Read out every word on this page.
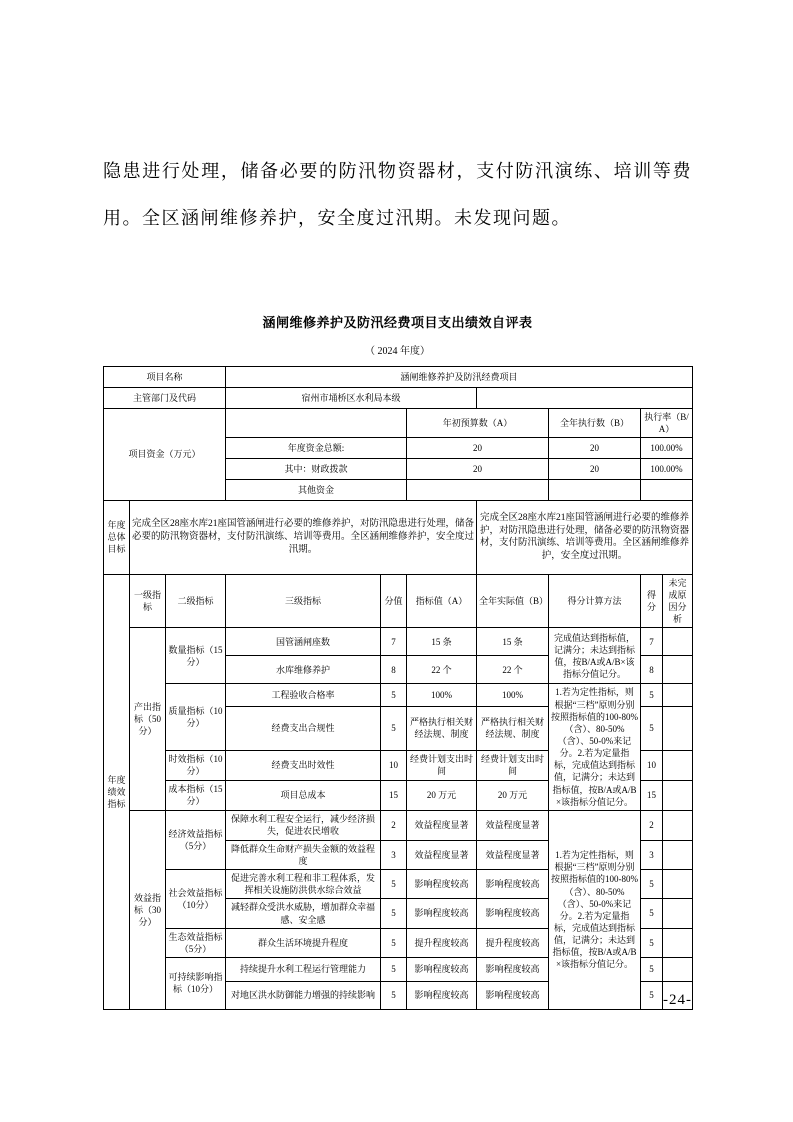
隐患进行处理，储备必要的防汛物资器材，支付防汛演练、培训等费用。全区涵闸维修养护，安全度过汛期。未发现问题。

涵闸维修养护及防汛经费项目支出绩效自评表
（ 2024 年度）
项目名称			涵闸维修养护及防汛经费项目						
主管部门及代码			宿州市埇桥区水利局本级						
项目资金（万元）					年初预算数（A）		全年执行数（B）	执行率（B/A）	
			年度资金总额:		20		20	100.00%	
			其中：财政拨款		20		20	100.00%	
			其他资金						
年度总体目标	完成全区28座水库21座国管涵闸进行必要的维修养护，对防汛隐患进行处理，储备必要的防汛物资器材，支付防汛演练、培训等费用。全区涵闸维修养护，安全度过汛期。					完成全区28座水库21座国管涵闸进行必要的维修养护，对防汛隐患进行处理，储备必要的防汛物资器材，支付防汛演练、培训等费用。全区涵闸维修养护，安全度过汛期。			
年度绩效指标	一级指标	二级指标	三级指标	分值	指标值（A）	全年实际值（B）	得分计算方法	得分	未完成原因分析
	产出指标（50分）	数量指标（15分）	国管涵闸座数	7	15 条	15 条	完成值达到指标值，记满分；未达到指标值，按B/A或A/B×该指标分值记分。	7	
			水库维修养护	8	22 个	22 个		8	
		质量指标（10分）	工程验收合格率	5	100%	100%	1.若为定性指标，则根据“三档”原则分别按照指标值的100-80%（含）、80-50%（含）、50-0%来记分。2.若为定量指标，完成值达到指标值，记满分；未达到指标值，按B/A或A/B×该指标分值记分。	5	
			经费支出合规性	5	严格执行相关财经法规、制度	严格执行相关财经法规、制度		5	
		时效指标（10分）	经费支出时效性	10	经费计划支出时间	经费计划支出时间		10	
		成本指标（15分）	项目总成本	15	20 万元	20 万元		15	
	效益指标（30分）	经济效益指标（5分）	保障水利工程安全运行，减少经济损失，促进农民增收	2	效益程度显著	效益程度显著	1.若为定性指标，则根据“三档”原则分别按照指标值的100-80%（含）、80-50%（含）、50-0%来记分。2.若为定量指标，完成值达到指标值，记满分；未达到指标值，按B/A或A/B×该指标分值记分。	2	
			降低群众生命财产损失金额的效益程度	3	效益程度显著	效益程度显著		3	
		社会效益指标（10分）	促进完善水利工程和非工程体系，发挥相关设施防洪供水综合效益	5	影响程度较高	影响程度较高		5	
			减轻群众受洪水威胁，增加群众幸福感、安全感	5	影响程度较高	影响程度较高		5	
		生态效益指标（5分）	群众生活环境提升程度	5	提升程度较高	提升程度较高		5	
		可持续影响指标（10分）	持续提升水利工程运行管理能力	5	影响程度较高	影响程度较高		5	
			对地区洪水防御能力增强的持续影响	5	影响程度较高	影响程度较高		5	-24-
